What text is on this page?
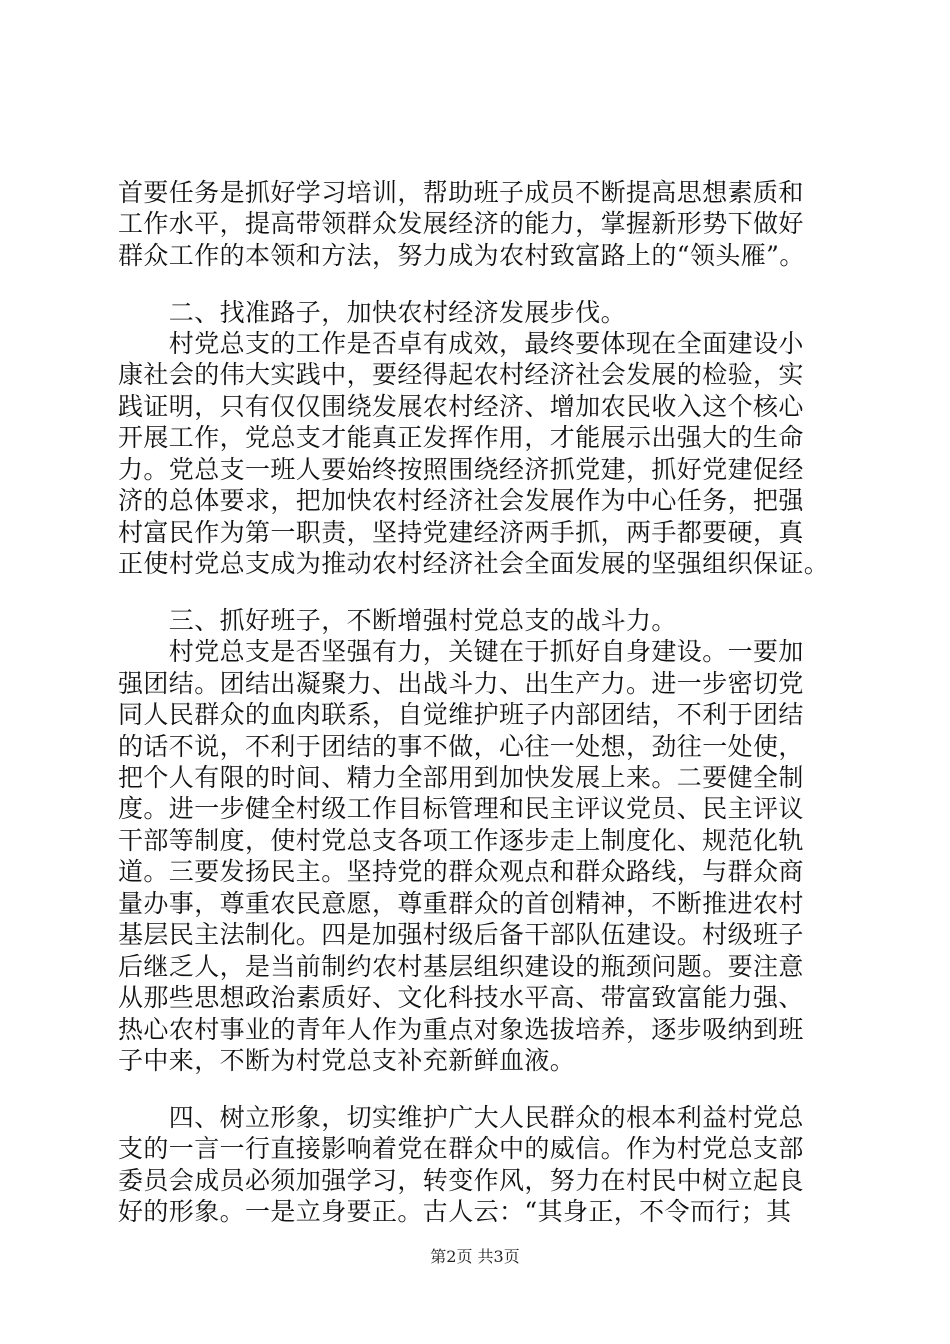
首要任务是抓好学习培训，帮助班子成员不断提高思想素质和
工作水平，提高带领群众发展经济的能力，掌握新形势下做好
群众工作的本领和方法，努力成为农村致富路上的“领头雁”。
　　二、找准路子，加快农村经济发展步伐。
　　村党总支的工作是否卓有成效，最终要体现在全面建设小
康社会的伟大实践中，要经得起农村经济社会发展的检验，实
践证明，只有仅仅围绕发展农村经济、增加农民收入这个核心
开展工作，党总支才能真正发挥作用，才能展示出强大的生命
力。党总支一班人要始终按照围绕经济抓党建，抓好党建促经
济的总体要求，把加快农村经济社会发展作为中心任务，把强
村富民作为第一职责，坚持党建经济两手抓，两手都要硬，真
正使村党总支成为推动农村经济社会全面发展的坚强组织保证。
　　三、抓好班子，不断增强村党总支的战斗力。
　　村党总支是否坚强有力，关键在于抓好自身建设。一要加
强团结。团结出凝聚力、出战斗力、出生产力。进一步密切党
同人民群众的血肉联系，自觉维护班子内部团结，不利于团结
的话不说，不利于团结的事不做，心往一处想，劲往一处使，
把个人有限的时间、精力全部用到加快发展上来。二要健全制
度。进一步健全村级工作目标管理和民主评议党员、民主评议
干部等制度，使村党总支各项工作逐步走上制度化、规范化轨
道。三要发扬民主。坚持党的群众观点和群众路线，与群众商
量办事，尊重农民意愿，尊重群众的首创精神，不断推进农村
基层民主法制化。四是加强村级后备干部队伍建设。村级班子
后继乏人，是当前制约农村基层组织建设的瓶颈问题。要注意
从那些思想政治素质好、文化科技水平高、带富致富能力强、
热心农村事业的青年人作为重点对象选拔培养，逐步吸纳到班
子中来，不断为村党总支补充新鲜血液。
　　四、树立形象，切实维护广大人民群众的根本利益村党总
支的一言一行直接影响着党在群众中的威信。作为村党总支部
委员会成员必须加强学习，转变作风，努力在村民中树立起良
好的形象。一是立身要正。古人云：“其身正，不令而行；其
第2页 共3页
